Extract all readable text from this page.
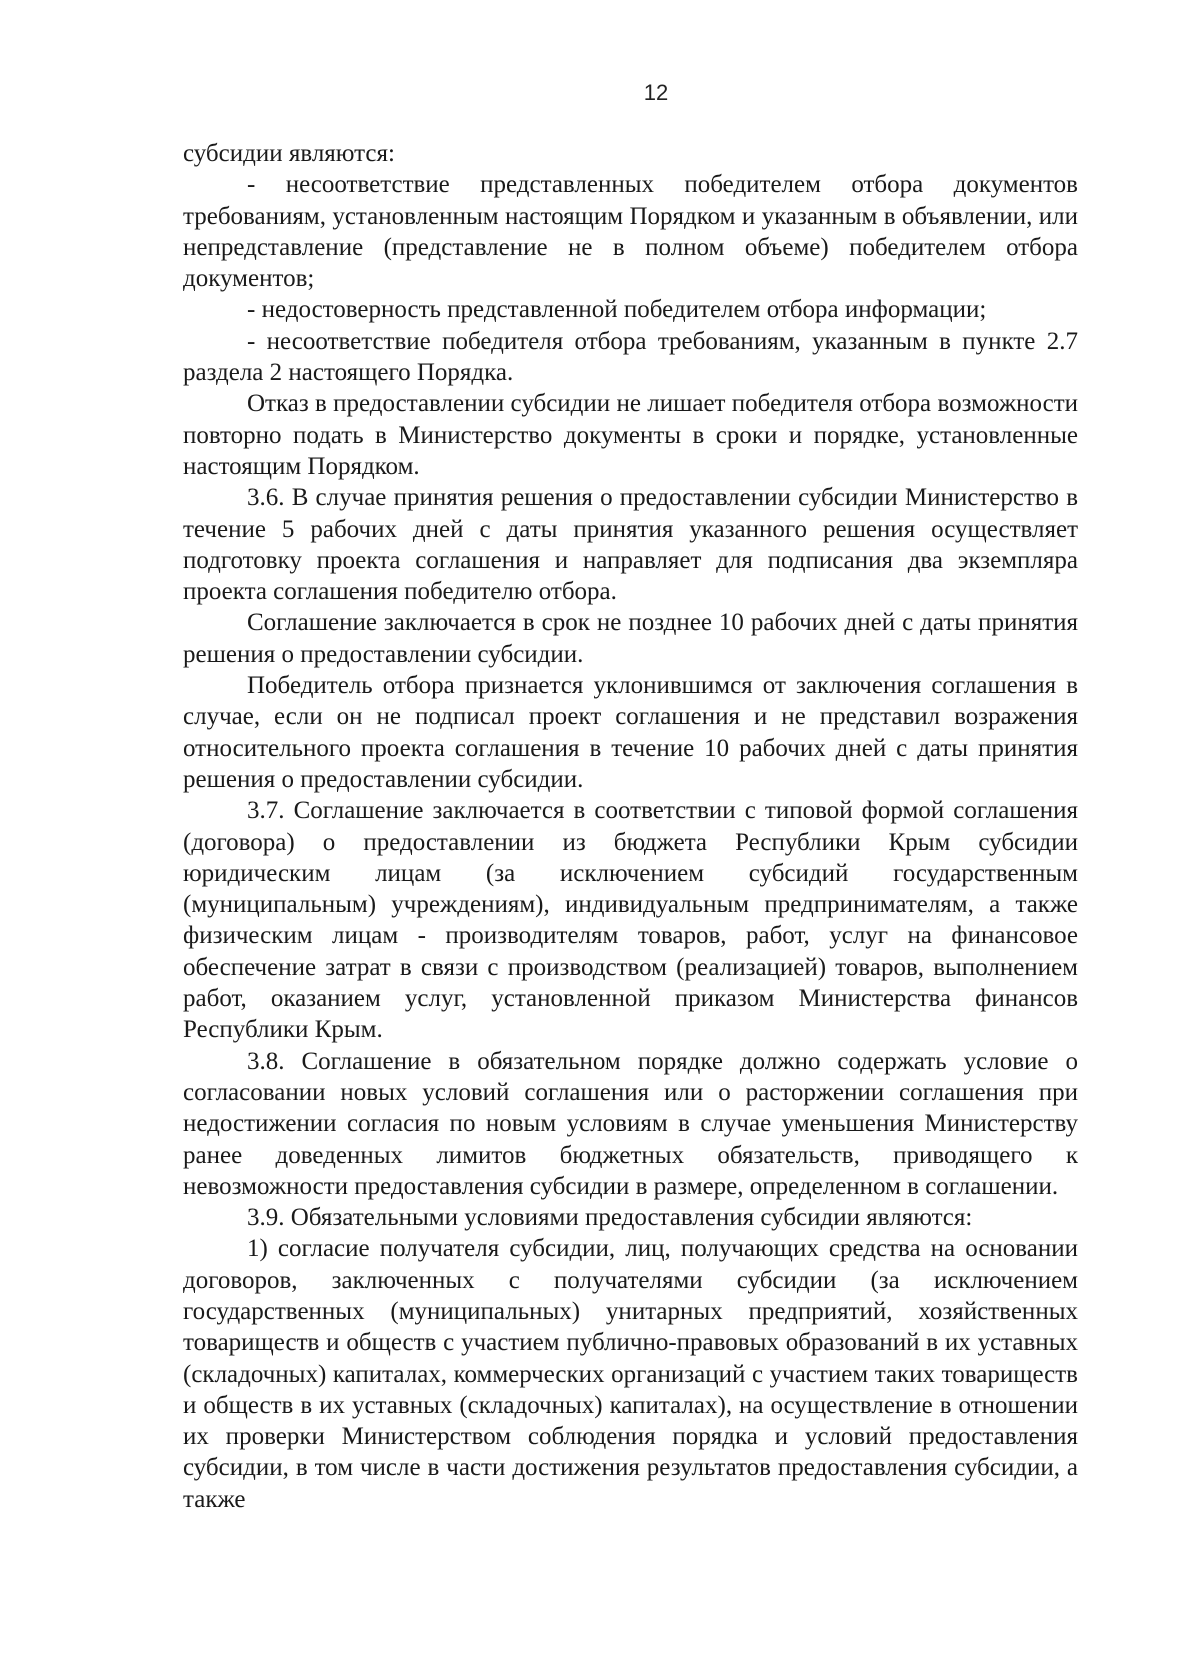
12

субсидии являются:

- несоответствие представленных победителем отбора документов требованиям, установленным настоящим Порядком и указанным в объявлении, или непредставление (представление не в полном объеме) победителем отбора документов;

- недостоверность представленной победителем отбора информации;

- несоответствие победителя отбора требованиям, указанным в пункте 2.7 раздела 2 настоящего Порядка.

Отказ в предоставлении субсидии не лишает победителя отбора возможности повторно подать в Министерство документы в сроки и порядке, установленные настоящим Порядком.

3.6. В случае принятия решения о предоставлении субсидии Министерство в течение 5 рабочих дней с даты принятия указанного решения осуществляет подготовку проекта соглашения и направляет для подписания два экземпляра проекта соглашения победителю отбора.

Соглашение заключается в срок не позднее 10 рабочих дней с даты принятия решения о предоставлении субсидии.

Победитель отбора признается уклонившимся от заключения соглашения в случае, если он не подписал проект соглашения и не представил возражения относительного проекта соглашения в течение 10 рабочих дней с даты принятия решения о предоставлении субсидии.

3.7. Соглашение заключается в соответствии с типовой формой соглашения (договора) о предоставлении из бюджета Республики Крым субсидии юридическим лицам (за исключением субсидий государственным (муниципальным) учреждениям), индивидуальным предпринимателям, а также физическим лицам - производителям товаров, работ, услуг на финансовое обеспечение затрат в связи с производством (реализацией) товаров, выполнением работ, оказанием услуг, установленной приказом Министерства финансов Республики Крым.

3.8. Соглашение в обязательном порядке должно содержать условие о согласовании новых условий соглашения или о расторжении соглашения при недостижении согласия по новым условиям в случае уменьшения Министерству ранее доведенных лимитов бюджетных обязательств, приводящего к невозможности предоставления субсидии в размере, определенном в соглашении.

3.9. Обязательными условиями предоставления субсидии являются:

1) согласие получателя субсидии, лиц, получающих средства на основании договоров, заключенных с получателями субсидии (за исключением государственных (муниципальных) унитарных предприятий, хозяйственных товариществ и обществ с участием публично-правовых образований в их уставных (складочных) капиталах, коммерческих организаций с участием таких товариществ и обществ в их уставных (складочных) капиталах), на осуществление в отношении их проверки Министерством соблюдения порядка и условий предоставления субсидии, в том числе в части достижения результатов предоставления субсидии, а также
